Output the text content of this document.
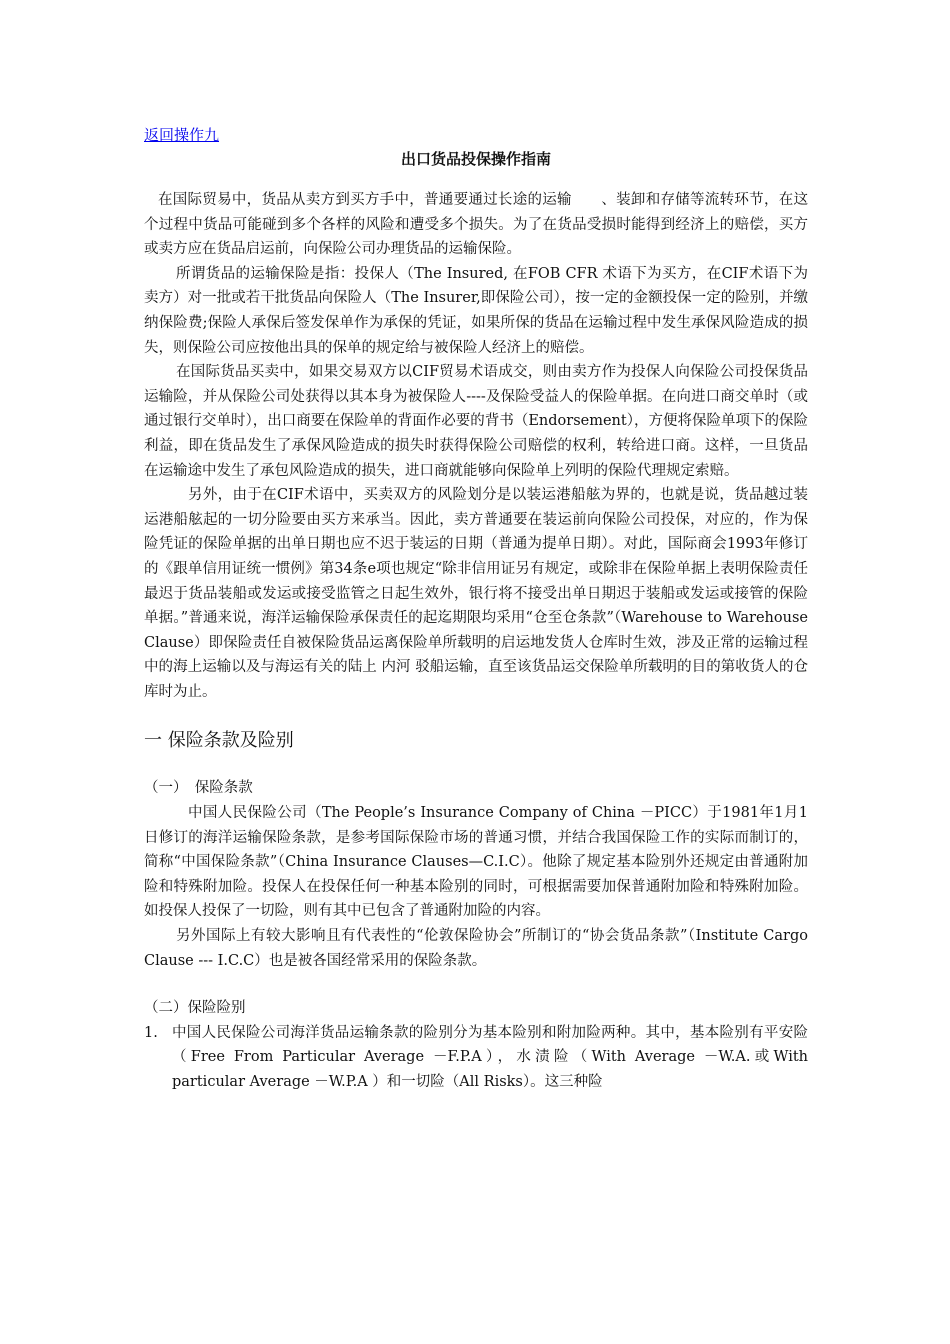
返回操作九
出口货品投保操作指南

在国际贸易中，货品从卖方到买方手中，普通要通过长途的运输　　、装卸和存储等流转环节，在这个过程中货品可能碰到多个各样的风险和遭受多个损失。为了在货品受损时能得到经济上的赔偿，买方或卖方应在货品启运前，向保险公司办理货品的运输保险。

所谓货品的运输保险是指：投保人（The Insured, 在FOB CFR 术语下为买方，在CIF术语下为卖方）对一批或若干批货品向保险人（The Insurer,即保险公司），按一定的金额投保一定的险别，并缴纳保险费;保险人承保后签发保单作为承保的凭证，如果所保的货品在运输过程中发生承保风险造成的损失，则保险公司应按他出具的保单的规定给与被保险人经济上的赔偿。

在国际货品买卖中，如果交易双方以CIF贸易术语成交，则由卖方作为投保人向保险公司投保货品运输险，并从保险公司处获得以其本身为被保险人----及保险受益人的保险单据。在向进口商交单时（或通过银行交单时），出口商要在保险单的背面作必要的背书（Endorsement），方便将保险单项下的保险利益，即在货品发生了承保风险造成的损失时获得保险公司赔偿的权利，转给进口商。这样，一旦货品在运输途中发生了承包风险造成的损失，进口商就能够向保险单上列明的保险代理规定索赔。

另外，由于在CIF术语中，买卖双方的风险划分是以装运港船舷为界的，也就是说，货品越过装运港船舷起的一切分险要由买方来承当。因此，卖方普通要在装运前向保险公司投保，对应的，作为保险凭证的保险单据的出单日期也应不迟于装运的日期（普通为提单日期）。对此，国际商会1993年修订的《跟单信用证统一惯例》第34条e项也规定“除非信用证另有规定，或除非在保险单据上表明保险责任最迟于货品装船或发运或接受监管之日起生效外，银行将不接受出单日期迟于装船或发运或接管的保险单据。”普通来说，海洋运输保险承保责任的起迄期限均采用“仓至仓条款”（Warehouse to Warehouse Clause）即保险责任自被保险货品运离保险单所载明的启运地发货人仓库时生效，涉及正常的运输过程中的海上运输以及与海运有关的陆上 内河 驳船运输，直至该货品运交保险单所载明的目的第收货人的仓库时为止。

一 保险条款及险别
（一）　保险条款

中国人民保险公司（The People’s Insurance Company of China －PICC）于1981年1月1日修订的海洋运输保险条款，是参考国际保险市场的普通习惯，并结合我国保险工作的实际而制订的，简称“中国保险条款”（China Insurance Clauses—C.I.C）。他除了规定基本险别外还规定由普通附加险和特殊附加险。投保人在投保任何一种基本险别的同时，可根据需要加保普通附加险和特殊附加险。如投保人投保了一切险，则有其中已包含了普通附加险的内容。

另外国际上有较大影响且有代表性的“伦敦保险协会”所制订的“协会货品条款”（Institute Cargo Clause --- I.C.C）也是被各国经常采用的保险条款。

（二）保险险别
1. 中国人民保险公司海洋货品运输条款的险别分为基本险别和附加险两种。其中，基本险别有平安险（Free From Particular Average －F.P.A），水渍险（With Average －W.A.或With particular Average －W.P.A ）和一切险（All Risks）。这三种险
